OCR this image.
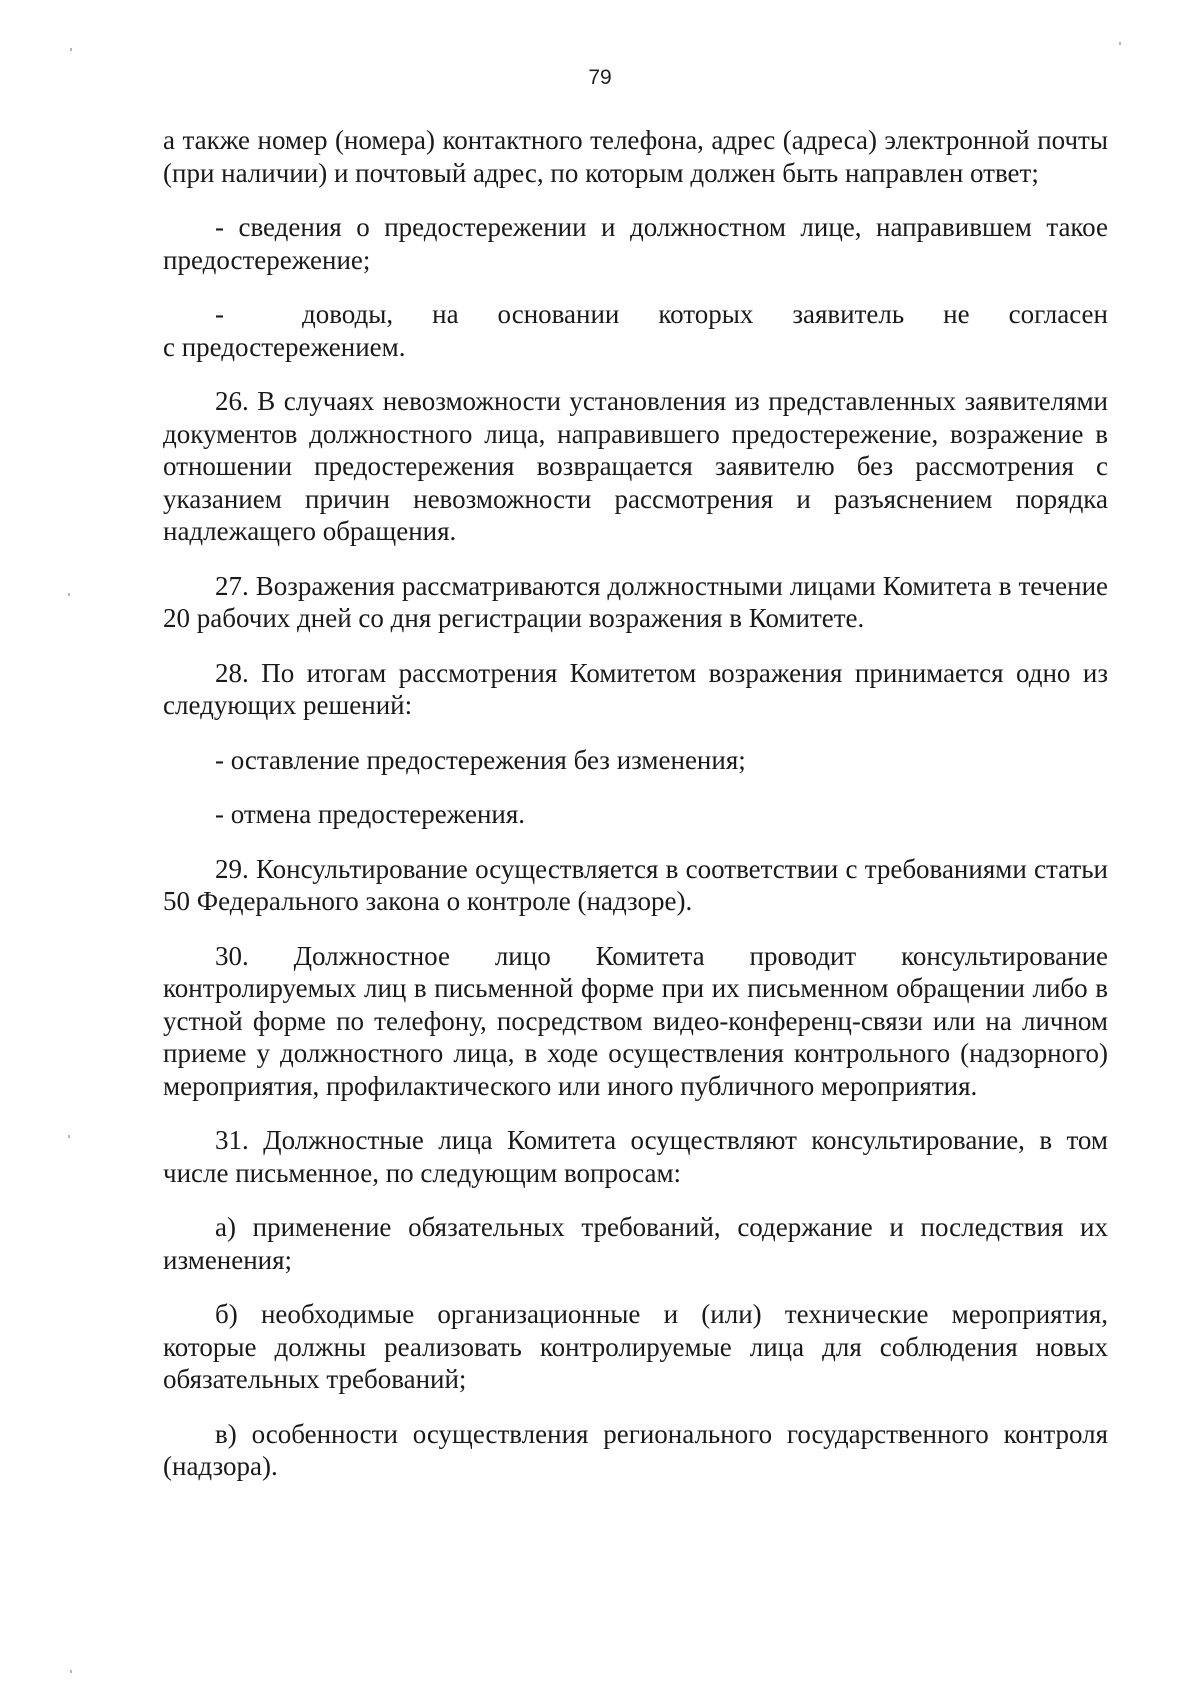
79

а также номер (номера) контактного телефона, адрес (адреса) электронной почты (при наличии) и почтовый адрес, по которым должен быть направлен ответ;

- сведения о предостережении и должностном лице, направившем такое предостережение;

-  доводы, на основании которых заявитель не согласен

с предостережением.

26. В случаях невозможности установления из представленных заявителями документов должностного лица, направившего предостережение, возражение в отношении предостережения возвращается заявителю без рассмотрения с указанием причин невозможности рассмотрения и разъяснением порядка надлежащего обращения.

27. Возражения рассматриваются должностными лицами Комитета в течение 20 рабочих дней со дня регистрации возражения в Комитете.

28. По итогам рассмотрения Комитетом возражения принимается одно из следующих решений:

- оставление предостережения без изменения;

- отмена предостережения.

29. Консультирование осуществляется в соответствии с требованиями статьи 50 Федерального закона о контроле (надзоре).

30. Должностное лицо Комитета проводит консультирование контролируемых лиц в письменной форме при их письменном обращении либо в устной форме по телефону, посредством видео-конференц-связи или на личном приеме у должностного лица, в ходе осуществления контрольного (надзорного) мероприятия, профилактического или иного публичного мероприятия.

31. Должностные лица Комитета осуществляют консультирование, в том числе письменное, по следующим вопросам:

а) применение обязательных требований, содержание и последствия их изменения;

б) необходимые организационные и (или) технические мероприятия, которые должны реализовать контролируемые лица для соблюдения новых обязательных требований;

в) особенности осуществления регионального государственного контроля (надзора).
